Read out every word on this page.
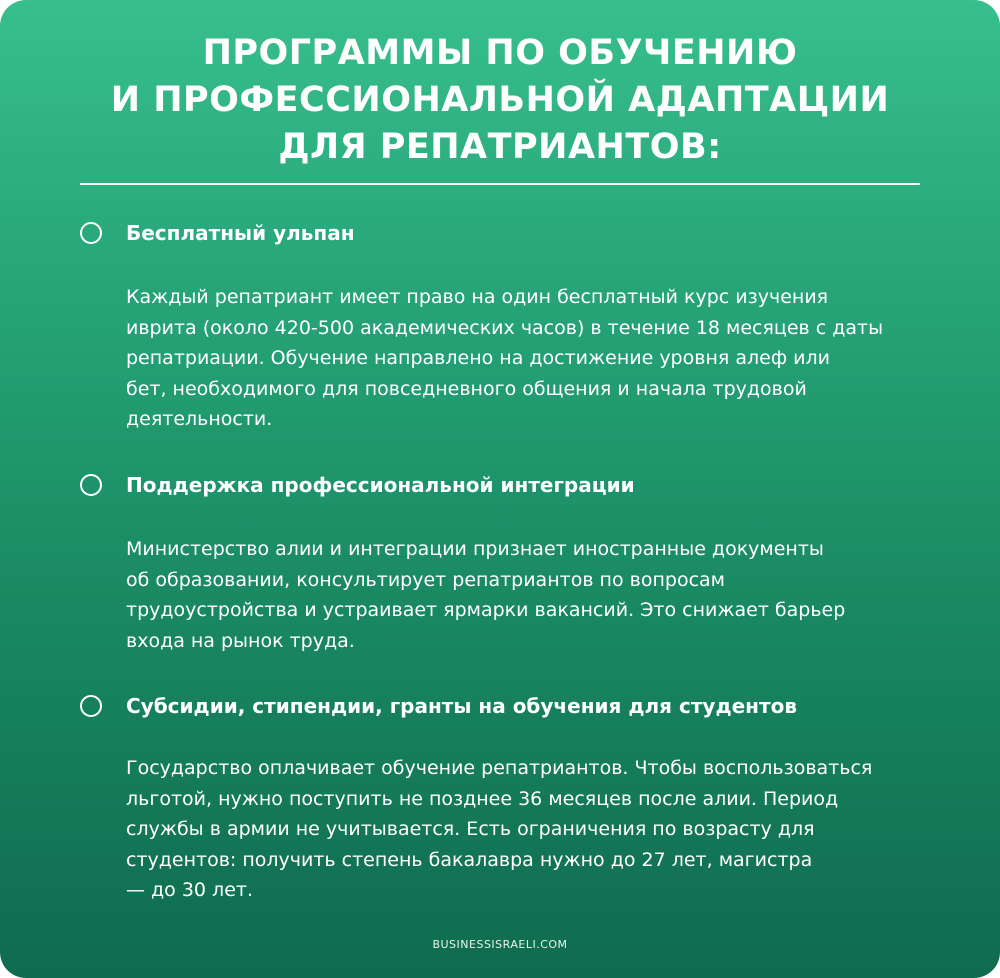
ПРОГРАММЫ ПО ОБУЧЕНИЮ
И ПРОФЕССИОНАЛЬНОЙ АДАПТАЦИИ
ДЛЯ РЕПАТРИАНТОВ:
Бесплатный ульпан
Каждый репатриант имеет право на один бесплатный курс изучения
иврита (около 420-500 академических часов) в течение 18 месяцев с даты
репатриации. Обучение направлено на достижение уровня алеф или
бет, необходимого для повседневного общения и начала трудовой
деятельности.
Поддержка профессиональной интеграции
Министерство алии и интеграции признает иностранные документы
об образовании, консультирует репатриантов по вопросам
трудоустройства и устраивает ярмарки вакансий. Это снижает барьер
входа на рынок труда.
Субсидии, стипендии, гранты на обучения для студентов
Государство оплачивает обучение репатриантов. Чтобы воспользоваться
льготой, нужно поступить не позднее 36 месяцев после алии. Период
службы в армии не учитывается. Есть ограничения по возрасту для
студентов: получить степень бакалавра нужно до 27 лет, магистра
— до 30 лет.
BUSINESSISRAELI.COM
